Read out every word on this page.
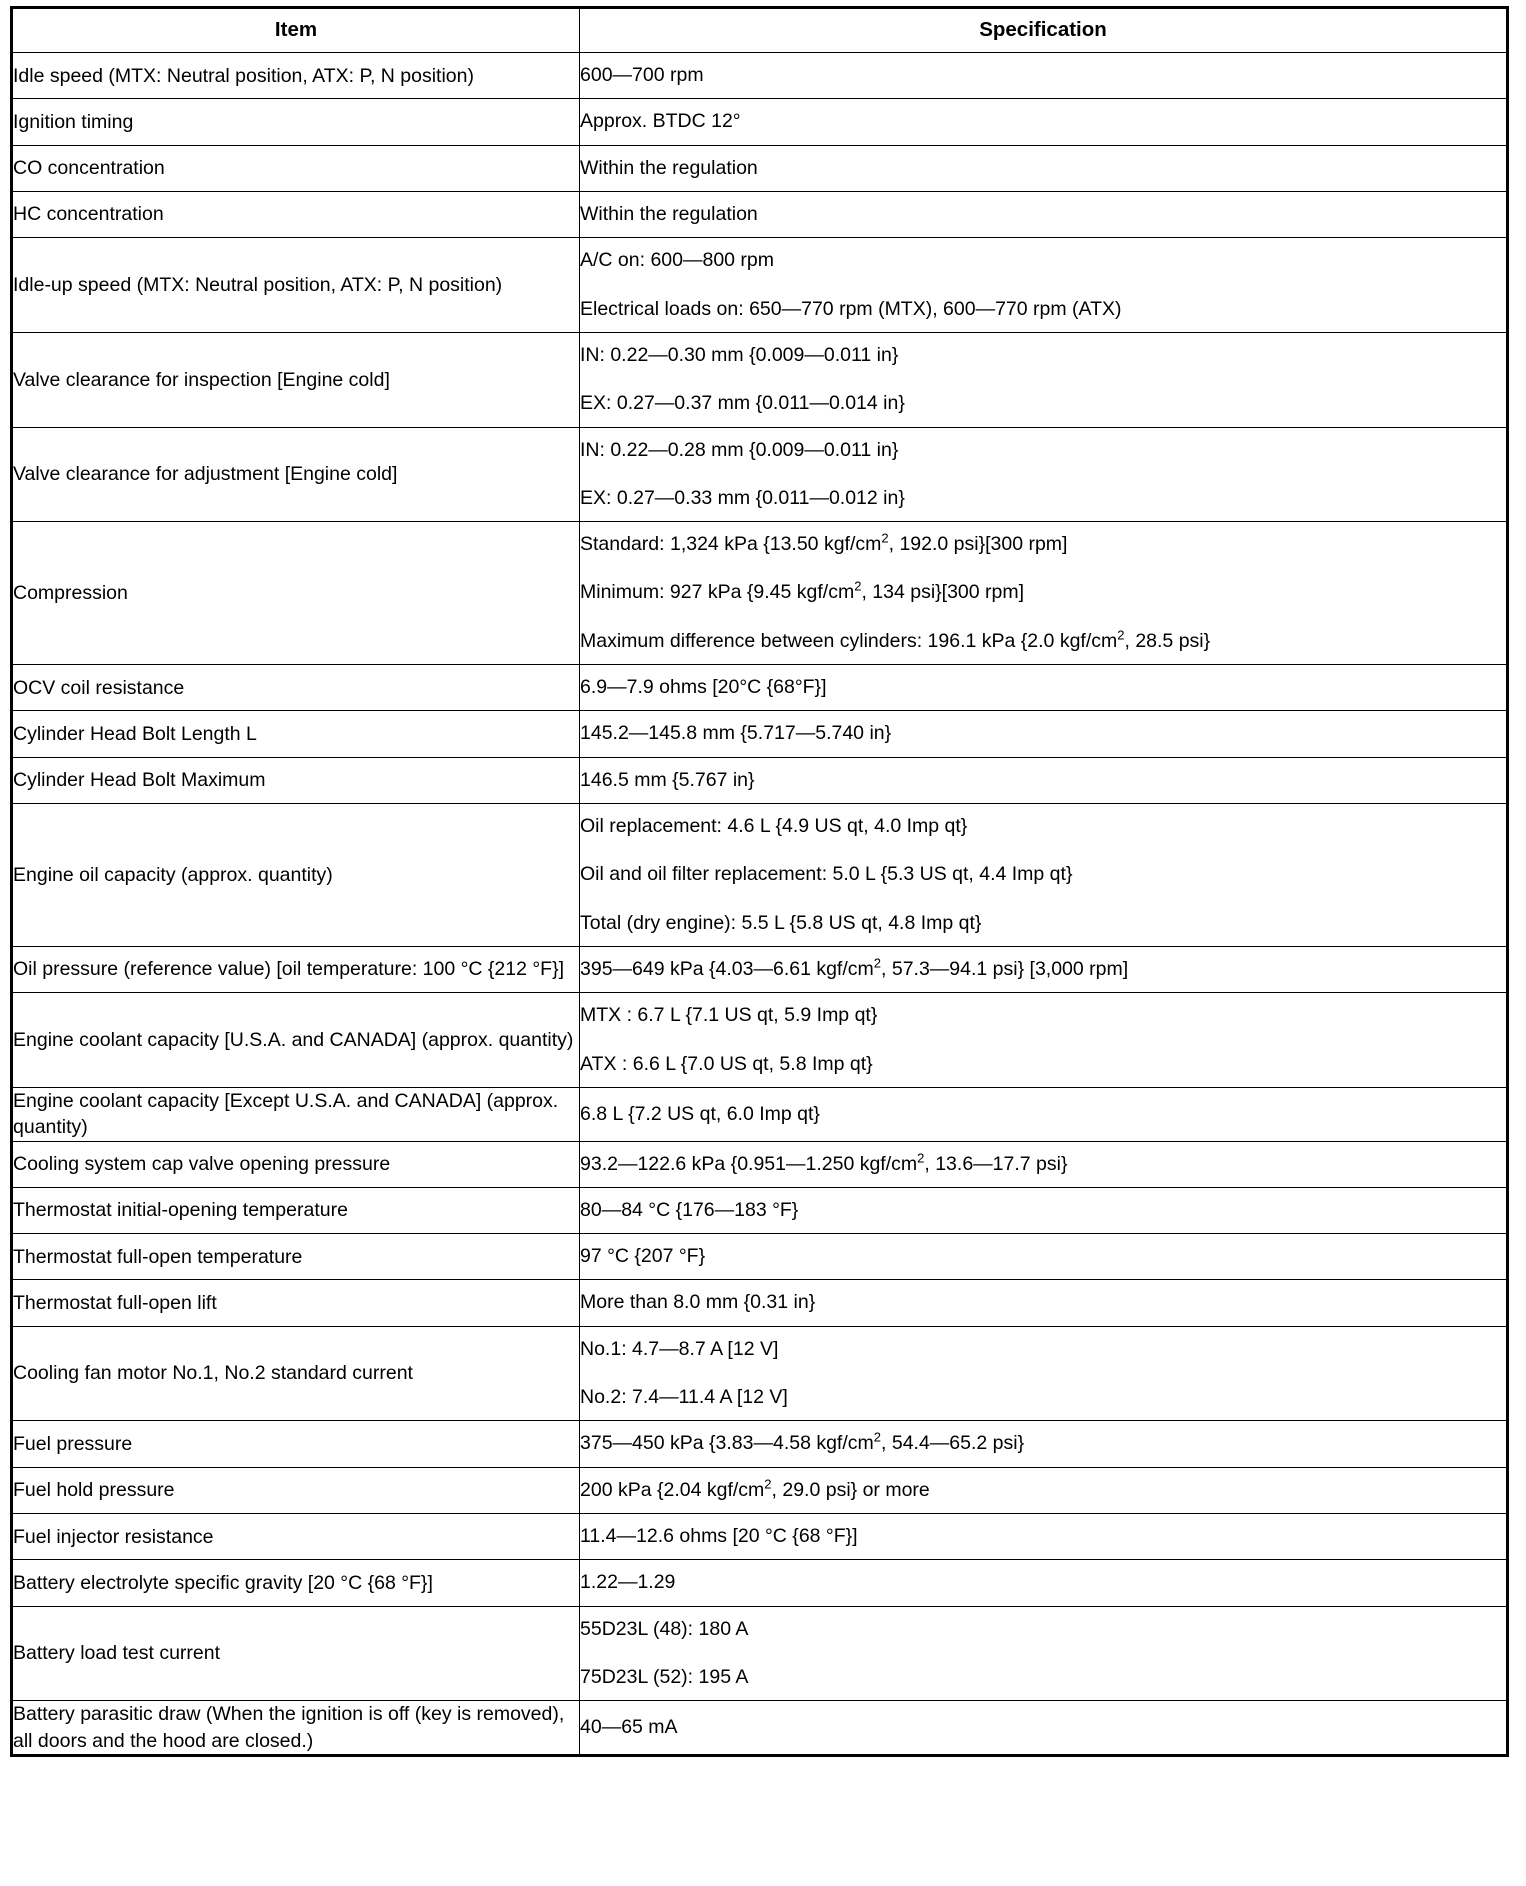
Item	Specification
Idle speed (MTX: Neutral position, ATX: P, N position)	600—700 rpm

Ignition timing	Approx. BTDC 12°

CO concentration	Within the regulation

HC concentration	Within the regulation

Idle-up speed (MTX: Neutral position, ATX: P, N position)	A/C on: 600—800 rpm
Electrical loads on: 650—770 rpm (MTX), 600—770 rpm (ATX)

Valve clearance for inspection [Engine cold]	IN: 0.22—0.30 mm {0.009—0.011 in}
EX: 0.27—0.37 mm {0.011—0.014 in}

Valve clearance for adjustment [Engine cold]	IN: 0.22—0.28 mm {0.009—0.011 in}
EX: 0.27—0.33 mm {0.011—0.012 in}

Compression	Standard: 1,324 kPa {13.50 kgf/$cm^2$, 192.0 psi}[300 rpm]
Minimum: 927 kPa {9.45 kgf/$cm^2$, 134 psi}[300 rpm]
Maximum difference between cylinders: 196.1 kPa {2.0 kgf/$cm^2$, 28.5 psi}

OCV coil resistance	6.9—7.9 ohms [20°C {68°F}]

Cylinder Head Bolt Length L	145.2—145.8 mm {5.717—5.740 in}

Cylinder Head Bolt Maximum	146.5 mm {5.767 in}

Engine oil capacity (approx. quantity)	Oil replacement: 4.6 L {4.9 US qt, 4.0 Imp qt}
Oil and oil filter replacement: 5.0 L {5.3 US qt, 4.4 Imp qt}
Total (dry engine): 5.5 L {5.8 US qt, 4.8 Imp qt}

Oil pressure (reference value) [oil temperature: 100 °C {212 °F}]	395—649 kPa {4.03—6.61 kgf/$cm^2$, 57.3—94.1 psi} [3,000 rpm]

Engine coolant capacity [U.S.A. and CANADA] (approx. quantity)	MTX : 6.7 L {7.1 US qt, 5.9 Imp qt}
ATX : 6.6 L {7.0 US qt, 5.8 Imp qt}

Engine coolant capacity [Except U.S.A. and CANADA] (approx. quantity)	6.8 L {7.2 US qt, 6.0 Imp qt}

Cooling system cap valve opening pressure	93.2—122.6 kPa {0.951—1.250 kgf/$cm^2$, 13.6—17.7 psi}

Thermostat initial-opening temperature	80—84 °C {176—183 °F}

Thermostat full-open temperature	97 °C {207 °F}

Thermostat full-open lift	More than 8.0 mm {0.31 in}

Cooling fan motor No.1, No.2 standard current	No.1: 4.7—8.7 A [12 V]
No.2: 7.4—11.4 A [12 V]

Fuel pressure	375—450 kPa {3.83—4.58 kgf/$cm^2$, 54.4—65.2 psi}

Fuel hold pressure	200 kPa {2.04 kgf/$cm^2$, 29.0 psi} or more

Fuel injector resistance	11.4—12.6 ohms [20 °C {68 °F}]

Battery electrolyte specific gravity [20 °C {68 °F}]	1.22—1.29

Battery load test current	55D23L (48): 180 A
75D23L (52): 195 A

Battery parasitic draw (When the ignition is off (key is removed), all doors and the hood are closed.)	40—65 mA
